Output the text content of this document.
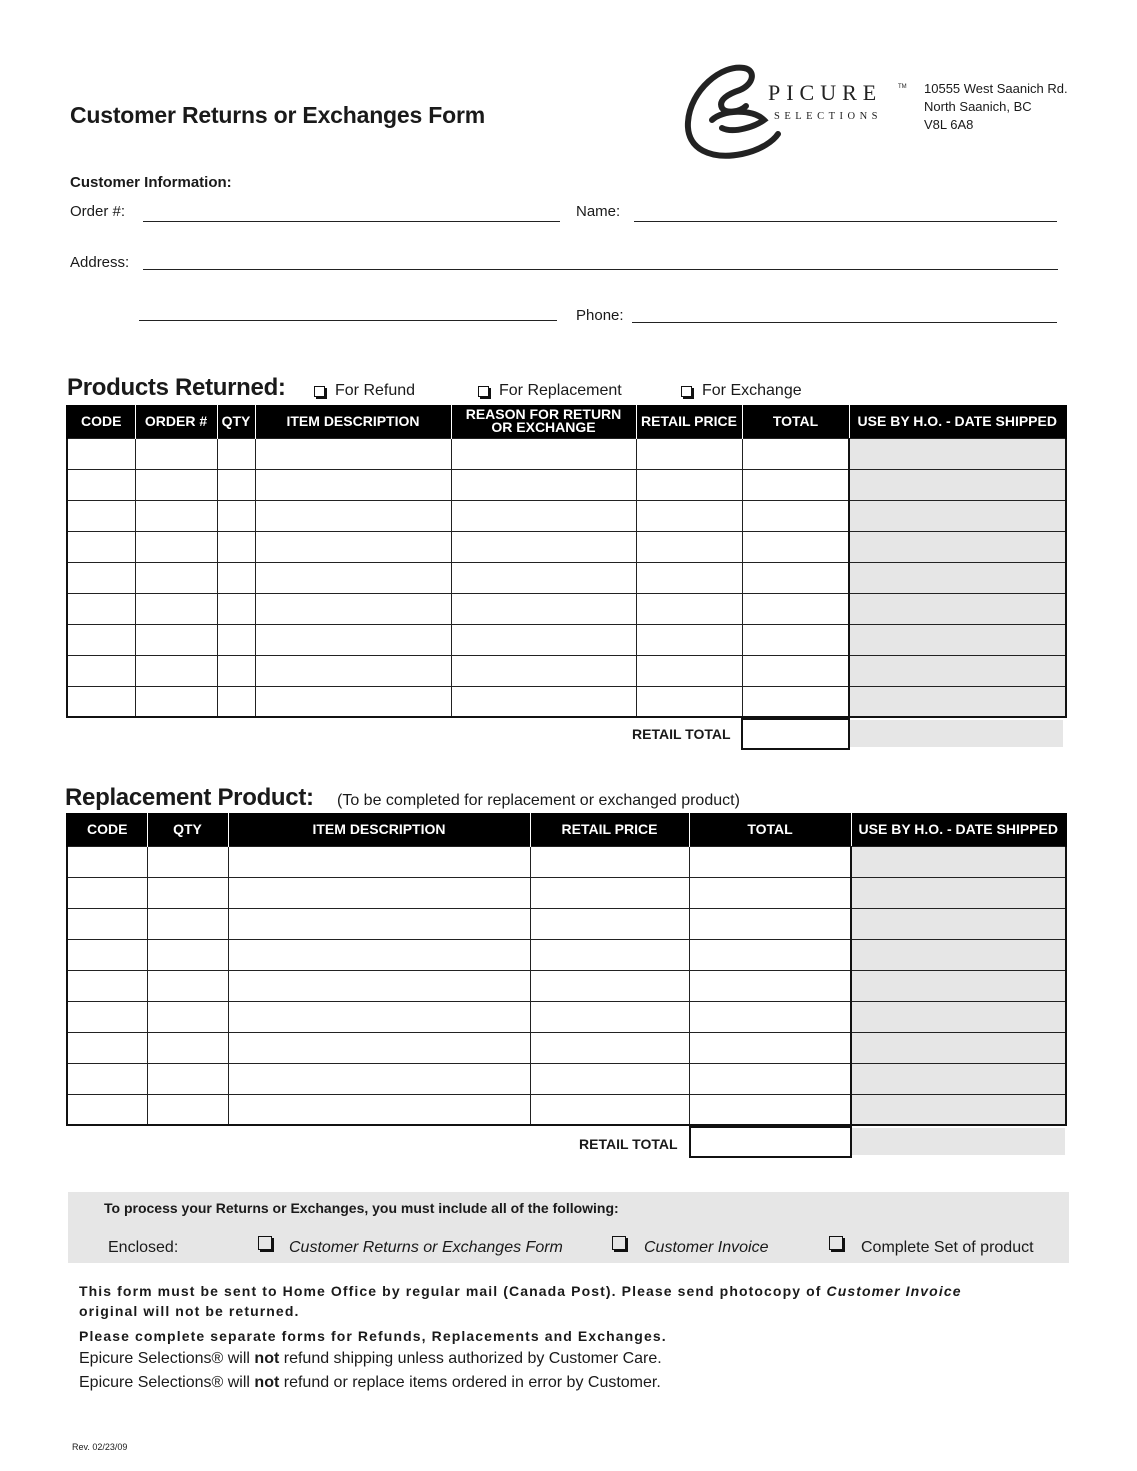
Customer Returns or Exchanges Form
PICURE	TM
SELECTIONS
10555 West Saanich Rd.
North Saanich, BC
V8L 6A8
Customer Information:
Order #:	Name:
Address:
Phone:
Products Returned:	For Refund	For Replacement	For Exchange
CODE	ORDER #	QTY	ITEM DESCRIPTION	REASON FOR RETURN OR EXCHANGE	RETAIL PRICE	TOTAL	USE BY H.O. - DATE SHIPPED

RETAIL TOTAL
Replacement Product: (To be completed for replacement or exchanged product)
CODE	QTY	ITEM DESCRIPTION	RETAIL PRICE	TOTAL	USE BY H.O. - DATE SHIPPED

RETAIL TOTAL
To process your Returns or Exchanges, you must include all of the following:
Enclosed:	Customer Returns or Exchanges Form	Customer Invoice	Complete Set of product
This form must be sent to Home Office by regular mail (Canada Post). Please send photocopy of Customer Invoice
original will not be returned.
Please complete separate forms for Refunds, Replacements and Exchanges.
Epicure Selections® will not refund shipping unless authorized by Customer Care.
Epicure Selections® will not refund or replace items ordered in error by Customer.
Rev. 02/23/09
